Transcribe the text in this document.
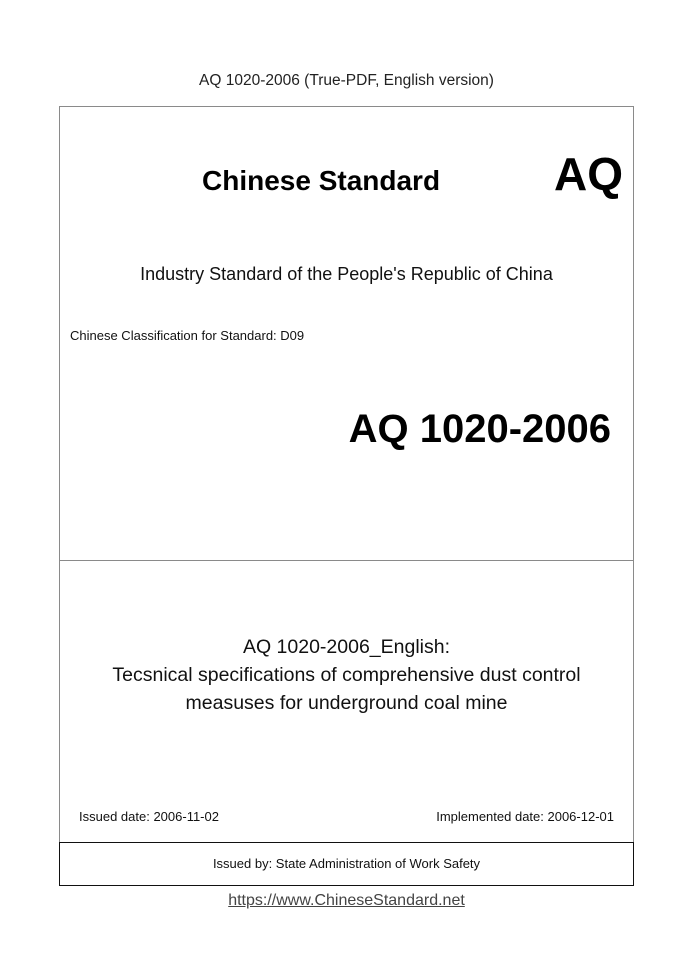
AQ 1020-2006 (True-PDF, English version)
Chinese Standard AQ
Industry Standard of the People's Republic of China
Chinese Classification for Standard: D09
AQ 1020-2006
AQ 1020-2006_English:
Tecsnical specifications of comprehensive dust control
measuses for underground coal mine
Issued date: 2006-11-02	Implemented date: 2006-12-01
Issued by: State Administration of Work Safety
https://www.ChineseStandard.net
